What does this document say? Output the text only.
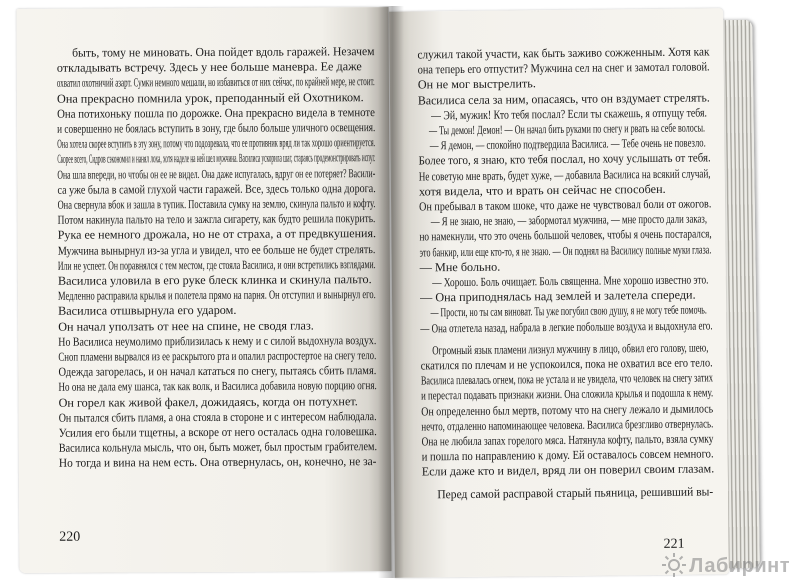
быть, тому не миновать. Она пойдет вдоль гаражей. Незачем
откладывать встречу. Здесь у нее больше маневра. Ее даже
охватил охотничий азарт. Сумки немного мешали, но избавиться от них сейчас, по крайней мере, не стоит.
Она прекрасно помнила урок, преподанный ей Охотником.
Она потихоньку пошла по дорожке. Она прекрасно видела в темноте
и совершенно не боялась вступить в зону, где было больше уличного освещения.
Она хотела скорее вступить в эту зону, потому что подозревала, что ее противник вряд ли так хорошо ориентируется.
Скорее всего, Сидров сэкономил и нанял лоха, хотя наделе на ней шел мужчина. Василиса ускорила шаг, стараясь продемонстрировать испуг.
Она шла впереди, но чтобы он ее не видел. Она даже испугалась, вдруг он ее потеряет? Васили-
са уже была в самой глухой части гаражей. Все, здесь только одна дорога.
Она свернула вбок и зашла в тупик. Поставила сумку на землю, скинула пальто и кофту.
Потом накинула пальто на тело и зажгла сигарету, как будто решила покурить.
Рука ее немного дрожала, но не от страха, а от предвкушения.
Мужчина вынырнул из-за угла и увидел, что ее больше не будет стрелять.
Или не успеет. Он поравнялся с тем местом, где стояла Василиса, и они встретились взглядами.
Василиса уловила в его руке блеск клинка и скинула пальто.
Медленно расправила крылья и полетела прямо на парня. Он отступил и вынырнул его.
Василиса отшвырнула его ударом.
Он начал уползать от нее на спине, не сводя глаз.
Но Василиса неумолимо приблизилась к нему и с силой выдохнула воздух.
Сноп пламени вырвался из ее раскрытого рта и опалил распростертое на снегу тело.
Одежда загорелась, и он начал кататься по снегу, пытаясь сбить пламя.
Но она не дала ему шанса, так как волк, и Василиса добавила новую порцию огня.
Он горел как живой факел, дожидаясь, когда он потухнет.
Он пытался сбить пламя, а она стояла в стороне и с интересом наблюдала.
Усилия его были тщетны, а вскоре от него осталась одна головешка.
Василиса кольнула мысль, что он, быть может, был простым грабителем.
Но тогда и вина на нем есть. Она отвернулась, он, конечно, не за-
220
служил такой участи, как быть заживо сожженным. Хотя как
она теперь его отпустит? Мужчина сел на снег и замотал головой.
Он не мог выстрелить.
Василиса села за ним, опасаясь, что он вздумает стрелять.
— Эй, мужик! Кто тебя послал? Если ты скажешь, я отпущу тебя.
— Ты демон! Демон! — Он начал бить руками по снегу и рвать на себе волосы.
— Я демон, — спокойно подтвердила Василиса. — Тебе очень не повезло.
Более того, я знаю, кто тебя послал, но хочу услышать от тебя.
Не советую мне врать, будет хуже, — добавила Василиса на всякий случай,
хотя видела, что и врать он сейчас не способен.
Он пребывал в таком шоке, что даже не чувствовал боли от ожогов.
— Я не знаю, не знаю, — забормотал мужчина, — мне просто дали заказ,
но намекнули, что это очень большой человек, чтобы я очень постарался,
это банкир, или еще кто-то, я не знаю. — Он поднял на Василису полные муки глаза.
— Мне больно.
— Хорошо. Боль очищает. Боль священна. Мне хорошо известно это.
— Она приподнялась над землей и залетела спереди.
— Прости, но ты сам виноват. Ты уже погубил свою душу, я не могу тебе помочь.
— Она отлетела назад, набрала в легкие побольше воздуха и выдохнула его.
Огромный язык пламени лизнул мужчину в лицо, обвил его голову, шею,
скатился по плечам и не успокоился, пока не охватил все его тело.
Василиса плевалась огнем, пока не устала и не увидела, что человек на снегу затих
и перестал подавать признаки жизни. Она сложила крылья и подошла к нему.
Он определенно был мертв, потому что на снегу лежало и дымилось
нечто, отдаленно напоминающее человека. Василиса брезгливо отвернулась.
Она не любила запах горелого мяса. Натянула кофту, пальто, взяла сумку
и пошла по направлению к дому. Ей оставалось совсем немного.
Если даже кто и видел, вряд ли он поверил своим глазам.
Перед самой расправой старый пьяница, решивший вы-
221
Лабиринт
